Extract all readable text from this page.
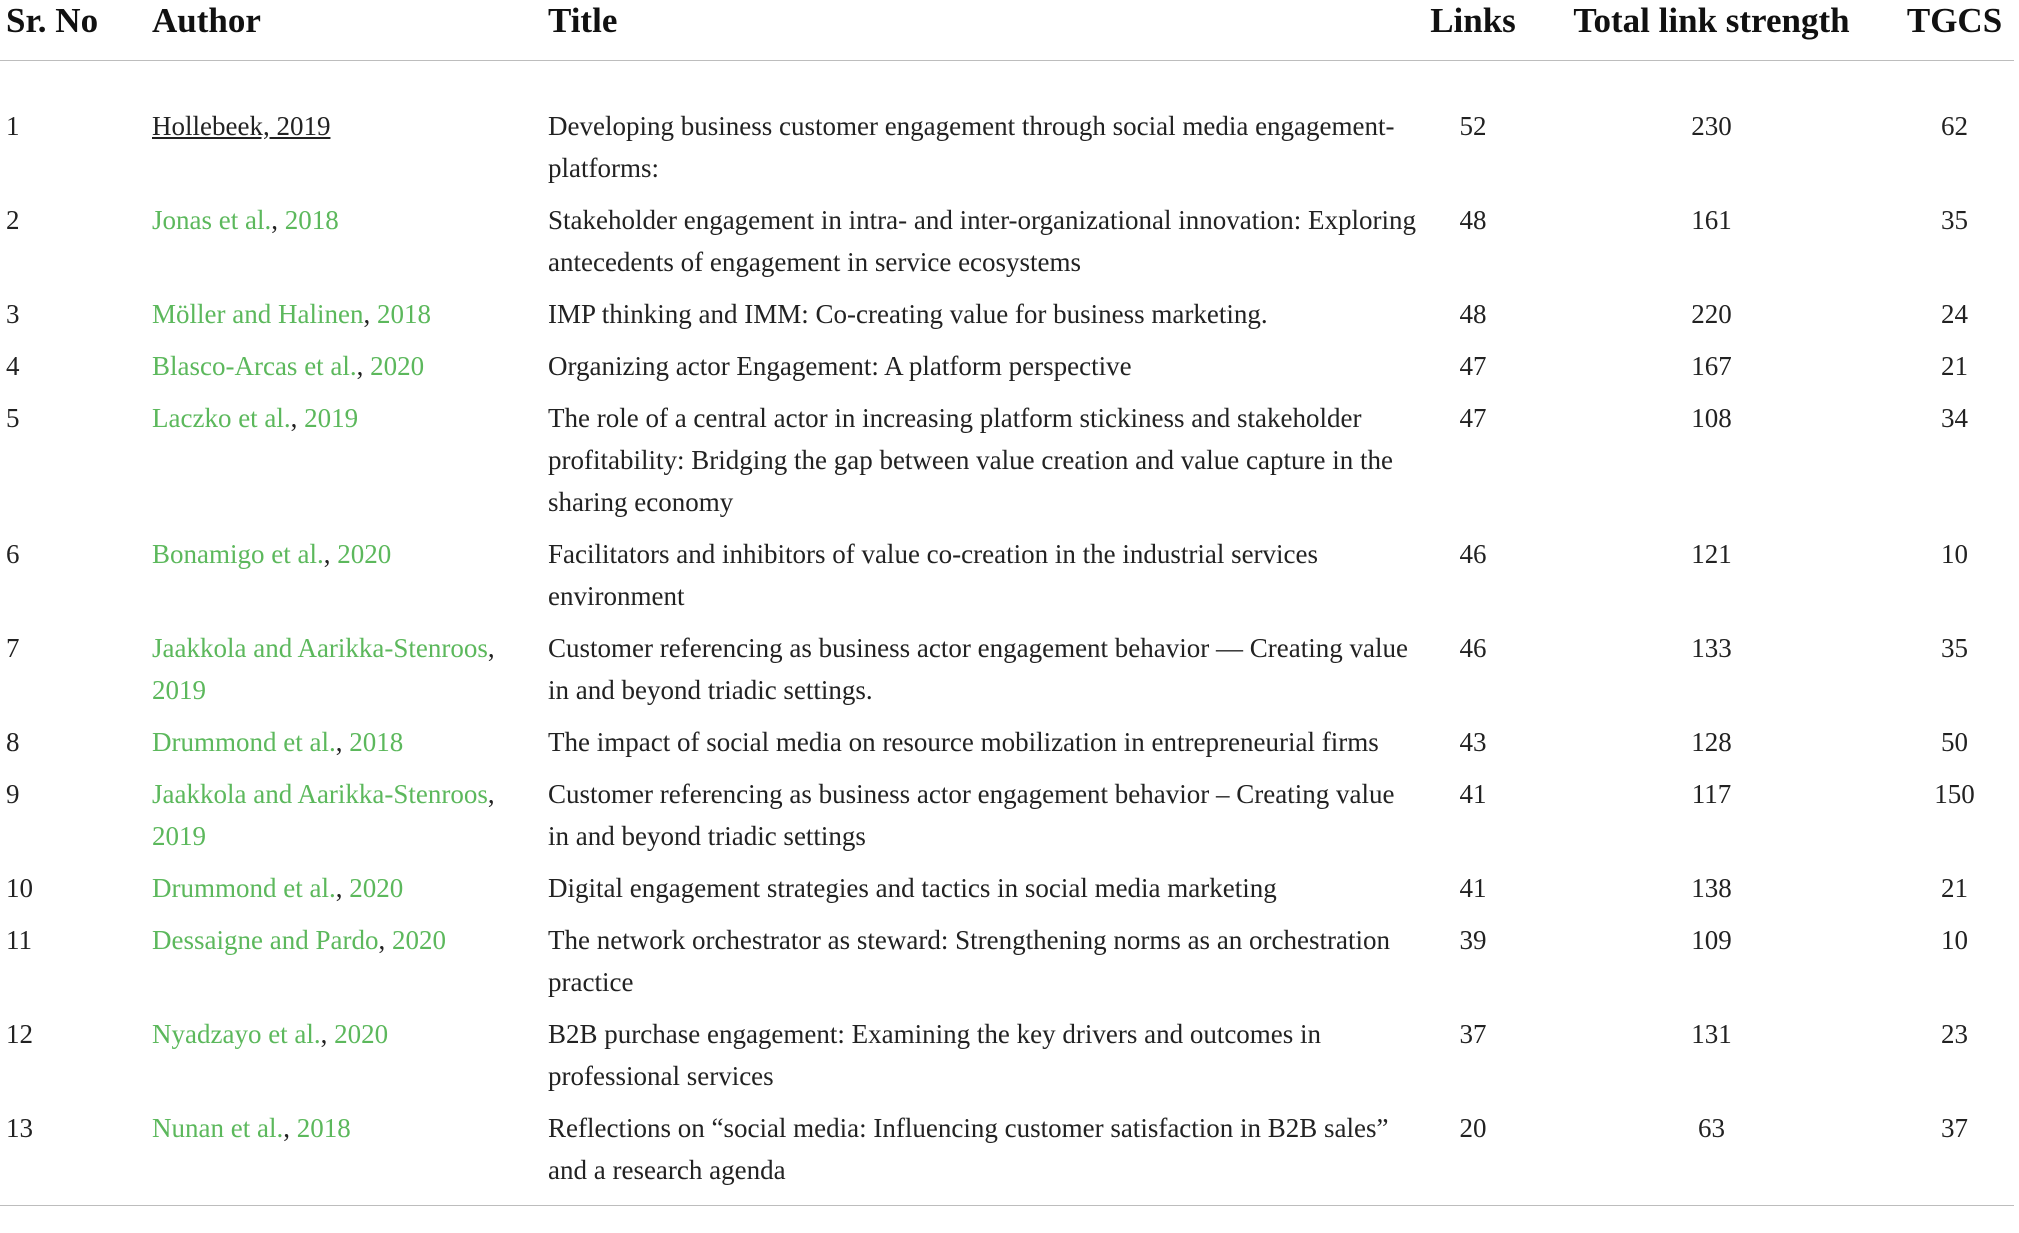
Sr. No	Author	Title	Links	Total link strength	TGCS
1	Hollebeek, 2019	Developing business customer engagement through social media engagement-platforms:	52	230	62
2	Jonas et al., 2018	Stakeholder engagement in intra- and inter-organizational innovation: Exploring antecedents of engagement in service ecosystems	48	161	35
3	Möller and Halinen, 2018	IMP thinking and IMM: Co-creating value for business marketing.	48	220	24
4	Blasco-Arcas et al., 2020	Organizing actor Engagement: A platform perspective	47	167	21
5	Laczko et al., 2019	The role of a central actor in increasing platform stickiness and stakeholder profitability: Bridging the gap between value creation and value capture in the sharing economy	47	108	34
6	Bonamigo et al., 2020	Facilitators and inhibitors of value co-creation in the industrial services environment	46	121	10
7	Jaakkola and Aarikka-Stenroos, 2019	Customer referencing as business actor engagement behavior — Creating value in and beyond triadic settings.	46	133	35
8	Drummond et al., 2018	The impact of social media on resource mobilization in entrepreneurial firms	43	128	50
9	Jaakkola and Aarikka-Stenroos, 2019	Customer referencing as business actor engagement behavior – Creating value in and beyond triadic settings	41	117	150
10	Drummond et al., 2020	Digital engagement strategies and tactics in social media marketing	41	138	21
11	Dessaigne and Pardo, 2020	The network orchestrator as steward: Strengthening norms as an orchestration practice	39	109	10
12	Nyadzayo et al., 2020	B2B purchase engagement: Examining the key drivers and outcomes in professional services	37	131	23
13	Nunan et al., 2018	Reflections on “social media: Influencing customer satisfaction in B2B sales” and a research agenda	20	63	37
